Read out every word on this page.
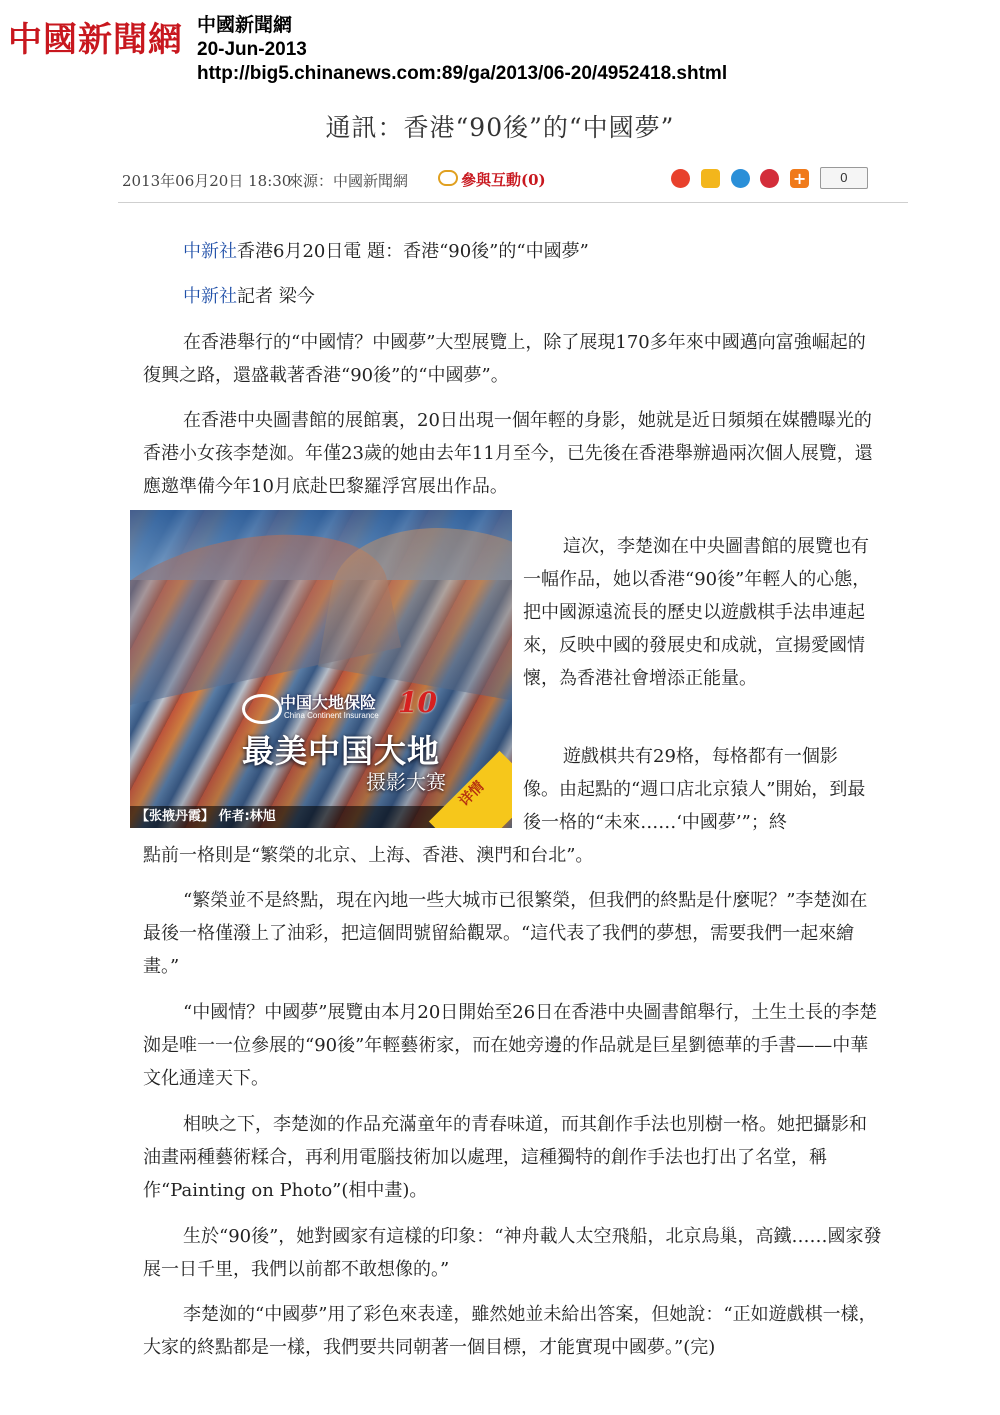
中國新聞網 中國新聞網
20-Jun-2013
http://big5.chinanews.com:89/ga/2013/06-20/4952418.shtml
通訊：香港“90後”的“中國夢”
2013年06月20日 18:30
來源：中國新聞網	參與互動(0)	+	0
中新社香港6月20日電 題：香港“90後”的“中國夢”
中新社記者 梁今
在香港舉行的“中國情？中國夢”大型展覽上，除了展現170多年來中國邁向富強崛起的復興之路，還盛載著香港“90後”的“中國夢”。
在香港中央圖書館的展館裏，20日出現一個年輕的身影，她就是近日頻頻在媒體曝光的香港小女孩李楚洳。年僅23歲的她由去年11月至今，已先後在香港舉辦過兩次個人展覽，還應邀準備今年10月底赴巴黎羅浮宮展出作品。
中国大地保险
China Continent Insurance 10
最美中国大地
摄影大赛
【张掖丹霞】 作者:林旭
详情
這次，李楚洳在中央圖書館的展覽也有一幅作品，她以香港“90後”年輕人的心態，把中國源遠流長的歷史以遊戲棋手法串連起來，反映中國的發展史和成就，宣揚愛國情懷，為香港社會增添正能量。
遊戲棋共有29格，每格都有一個影像。由起點的“週口店北京猿人”開始，到最後一格的“未來……‘中國夢’”；終
點前一格則是“繁榮的北京、上海、香港、澳門和台北”。
“繁榮並不是終點，現在內地一些大城市已很繁榮，但我們的終點是什麼呢？”李楚洳在最後一格僅潑上了油彩，把這個問號留給觀眾。“這代表了我們的夢想，需要我們一起來繪畫。”
“中國情？中國夢”展覽由本月20日開始至26日在香港中央圖書館舉行，土生土長的李楚洳是唯一一位參展的“90後”年輕藝術家，而在她旁邊的作品就是巨星劉德華的手書——中華文化通達天下。
相映之下，李楚洳的作品充滿童年的青春味道，而其創作手法也別樹一格。她把攝影和油畫兩種藝術糅合，再利用電腦技術加以處理，這種獨特的創作手法也打出了名堂，稱作“Painting on Photo”(相中畫)。
生於“90後”，她對國家有這樣的印象：“神舟載人太空飛船，北京鳥巢，高鐵……國家發展一日千里，我們以前都不敢想像的。”
李楚洳的“中國夢”用了彩色來表達，雖然她並未給出答案，但她說：“正如遊戲棋一樣，大家的終點都是一樣，我們要共同朝著一個目標，才能實現中國夢。”(完)
